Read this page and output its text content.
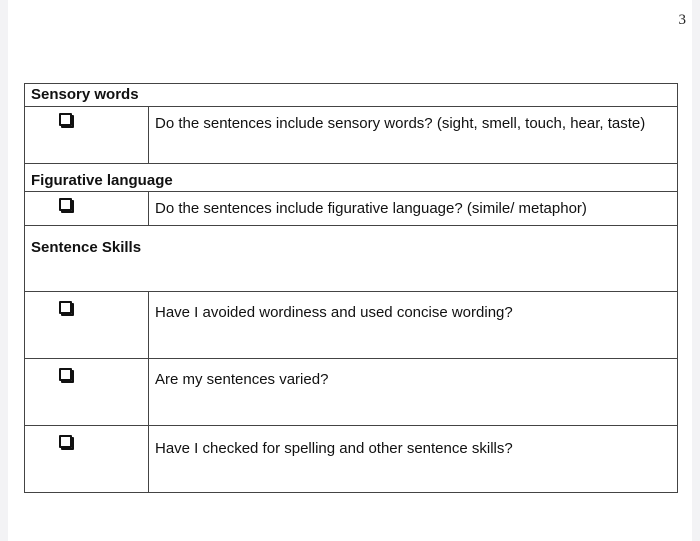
3
Sensory words	

	Do the sentences include sensory words? (sight, smell, touch, hear, taste)
Figurative language	

	Do the sentences include figurative language? (simile/ metaphor)
Sentence Skills	

	Have I avoided wordiness and used concise wording?

	Are my sentences varied?

	Have I checked for spelling and other sentence skills?
